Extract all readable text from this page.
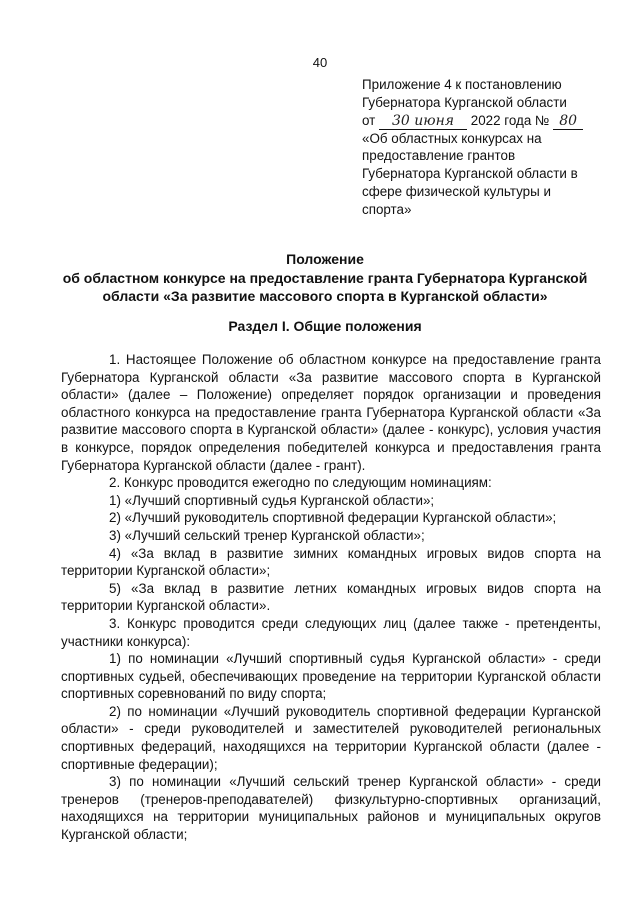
40
Приложение 4 к постановлению
Губернатора Курганской области
от 30 июня 2022 года № 80
«Об областных конкурсах на
предоставление грантов
Губернатора Курганской области в
сфере физической культуры и
спорта»
Положение
об областном конкурсе на предоставление гранта Губернатора Курганской
области «За развитие массового спорта в Курганской области»
Раздел I. Общие положения

1. Настоящее Положение об областном конкурсе на предоставление гранта Губернатора Курганской области «За развитие массового спорта в Курганской области» (далее – Положение) определяет порядок организации и проведения областного конкурса на предоставление гранта Губернатора Курганской области «За развитие массового спорта в Курганской области» (далее - конкурс), условия участия в конкурсе, порядок определения победителей конкурса и предоставления гранта Губернатора Курганской области (далее - грант).

2. Конкурс проводится ежегодно по следующим номинациям:

1) «Лучший спортивный судья Курганской области»;

2) «Лучший руководитель спортивной федерации Курганской области»;

3) «Лучший сельский тренер Курганской области»;

4) «За вклад в развитие зимних командных игровых видов спорта на территории Курганской области»;

5) «За вклад в развитие летних командных игровых видов спорта на территории Курганской области».

3. Конкурс проводится среди следующих лиц (далее также - претенденты, участники конкурса):

1) по номинации «Лучший спортивный судья Курганской области» - среди спортивных судьей, обеспечивающих проведение на территории Курганской области спортивных соревнований по виду спорта;

2) по номинации «Лучший руководитель спортивной федерации Курганской области» - среди руководителей и заместителей руководителей региональных спортивных федераций, находящихся на территории Курганской области (далее - спортивные федерации);

3) по номинации «Лучший сельский тренер Курганской области» - среди тренеров (тренеров-преподавателей) физкультурно-спортивных организаций, находящихся на территории муниципальных районов и муниципальных округов Курганской области;
